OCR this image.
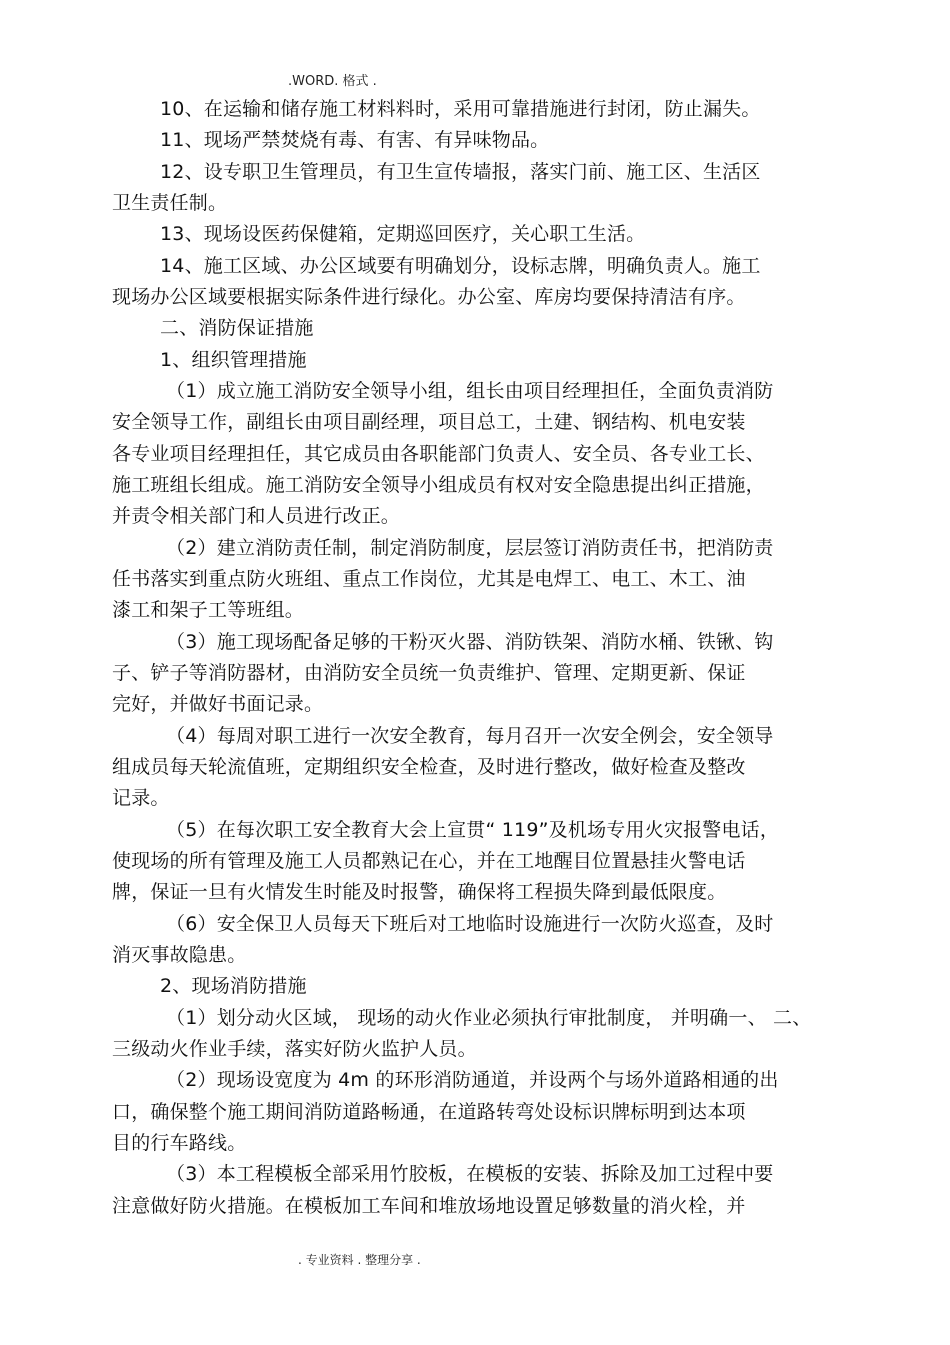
.WORD. 格式 .
10、在运输和储存施工材料料时，采用可靠措施进行封闭，防止漏失。
11、现场严禁焚烧有毒、有害、有异味物品。
12、设专职卫生管理员，有卫生宣传墙报，落实门前、施工区、生活区
卫生责任制。
13、现场设医药保健箱，定期巡回医疗，关心职工生活。
14、施工区域、办公区域要有明确划分，设标志牌，明确负责人。施工
现场办公区域要根据实际条件进行绿化。办公室、库房均要保持清洁有序。
二、消防保证措施
1、组织管理措施
（1）成立施工消防安全领导小组，组长由项目经理担任，全面负责消防
安全领导工作，副组长由项目副经理，项目总工，土建、钢结构、机电安装
各专业项目经理担任，其它成员由各职能部门负责人、安全员、各专业工长、
施工班组长组成。施工消防安全领导小组成员有权对安全隐患提出纠正措施，
并责令相关部门和人员进行改正。
（2）建立消防责任制，制定消防制度，层层签订消防责任书，把消防责
任书落实到重点防火班组、重点工作岗位，尤其是电焊工、电工、木工、油
漆工和架子工等班组。
（3）施工现场配备足够的干粉灭火器、消防铁架、消防水桶、铁锹、钩
子、铲子等消防器材，由消防安全员统一负责维护、管理、定期更新、保证
完好，并做好书面记录。
（4）每周对职工进行一次安全教育，每月召开一次安全例会，安全领导
组成员每天轮流值班，定期组织安全检查，及时进行整改，做好检查及整改
记录。
（5）在每次职工安全教育大会上宣贯“ 119”及机场专用火灾报警电话，
使现场的所有管理及施工人员都熟记在心，并在工地醒目位置悬挂火警电话
牌，保证一旦有火情发生时能及时报警，确保将工程损失降到最低限度。
（6）安全保卫人员每天下班后对工地临时设施进行一次防火巡查，及时
消灭事故隐患。
2、现场消防措施
（1）划分动火区域， 现场的动火作业必须执行审批制度， 并明确一、 二、
三级动火作业手续，落实好防火监护人员。
（2）现场设宽度为 4m 的环形消防通道，并设两个与场外道路相通的出
口，确保整个施工期间消防道路畅通，在道路转弯处设标识牌标明到达本项
目的行车路线。
（3）本工程模板全部采用竹胶板，在模板的安装、拆除及加工过程中要
注意做好防火措施。在模板加工车间和堆放场地设置足够数量的消火栓，并
. 专业资料 . 整理分享 .
